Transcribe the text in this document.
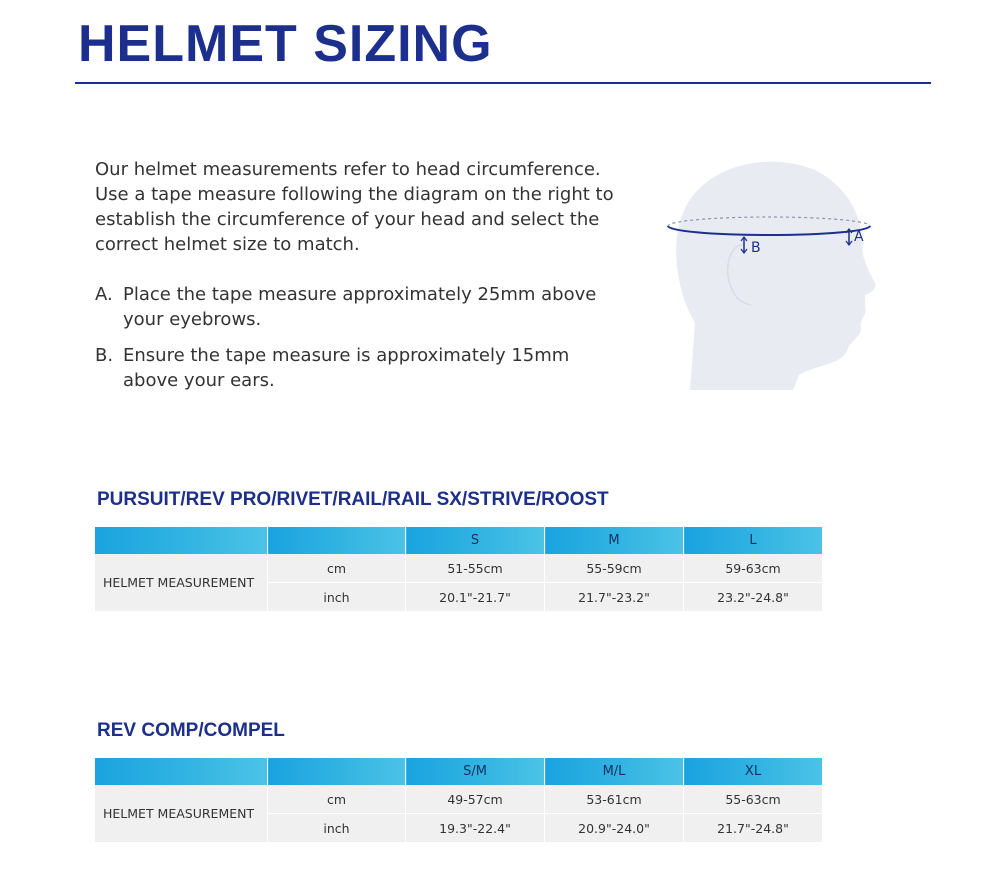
HELMET SIZING

Our helmet measurements refer to head circumference. Use a tape measure following the diagram on the right to establish the circumference of your head and select the correct helmet size to match.

A. Place the tape measure approximately 25mm above your eyebrows.
B. Ensure the tape measure is approximately 15mm above your ears.
B
A
PURSUIT/REV PRO/RIVET/RAIL/RAIL SX/STRIVE/ROOST
		S	M	L
HELMET MEASUREMENT	cm	51-55cm	55-59cm	59-63cm
	inch	20.1"-21.7"	21.7"-23.2"	23.2"-24.8"
REV COMP/COMPEL
		S/M	M/L	XL
HELMET MEASUREMENT	cm	49-57cm	53-61cm	55-63cm
	inch	19.3"-22.4"	20.9"-24.0"	21.7"-24.8"
